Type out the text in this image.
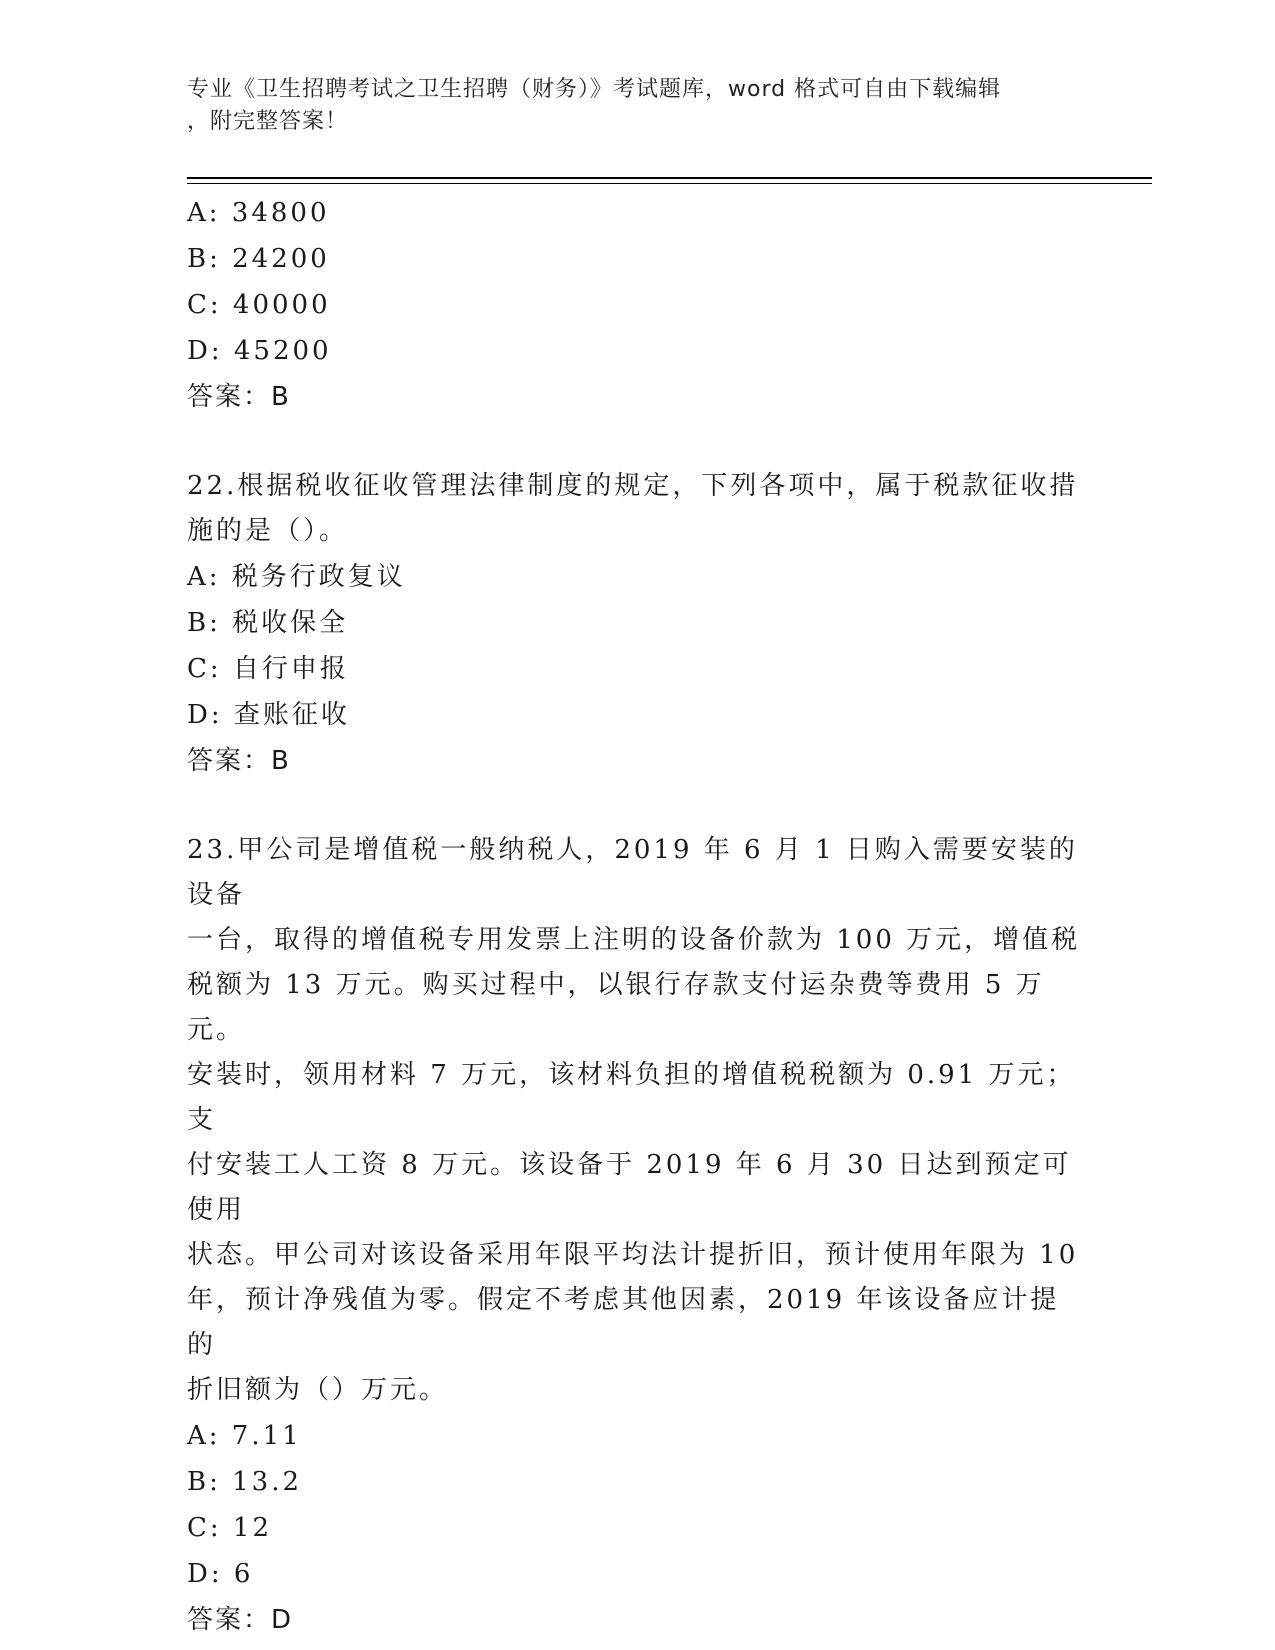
专业《卫生招聘考试之卫生招聘（财务）》考试题库，word 格式可自由下载编辑
，附完整答案！
A: 34800
B: 24200
C: 40000
D: 45200
答案：B
22.根据税收征收管理法律制度的规定，下列各项中，属于税款征收措
施的是（）。
A: 税务行政复议
B: 税收保全
C: 自行申报
D: 查账征收
答案：B
23.甲公司是增值税一般纳税人，2019 年 6 月 1 日购入需要安装的设备
一台，取得的增值税专用发票上注明的设备价款为 100 万元，增值税
税额为 13 万元。购买过程中，以银行存款支付运杂费等费用 5 万元。
安装时，领用材料 7 万元，该材料负担的增值税税额为 0.91 万元；支
付安装工人工资 8 万元。该设备于 2019 年 6 月 30 日达到预定可使用
状态。甲公司对该设备采用年限平均法计提折旧，预计使用年限为 10
年，预计净残值为零。假定不考虑其他因素，2019 年该设备应计提的
折旧额为（）万元。
A: 7.11
B: 13.2
C: 12
D: 6
答案：D
